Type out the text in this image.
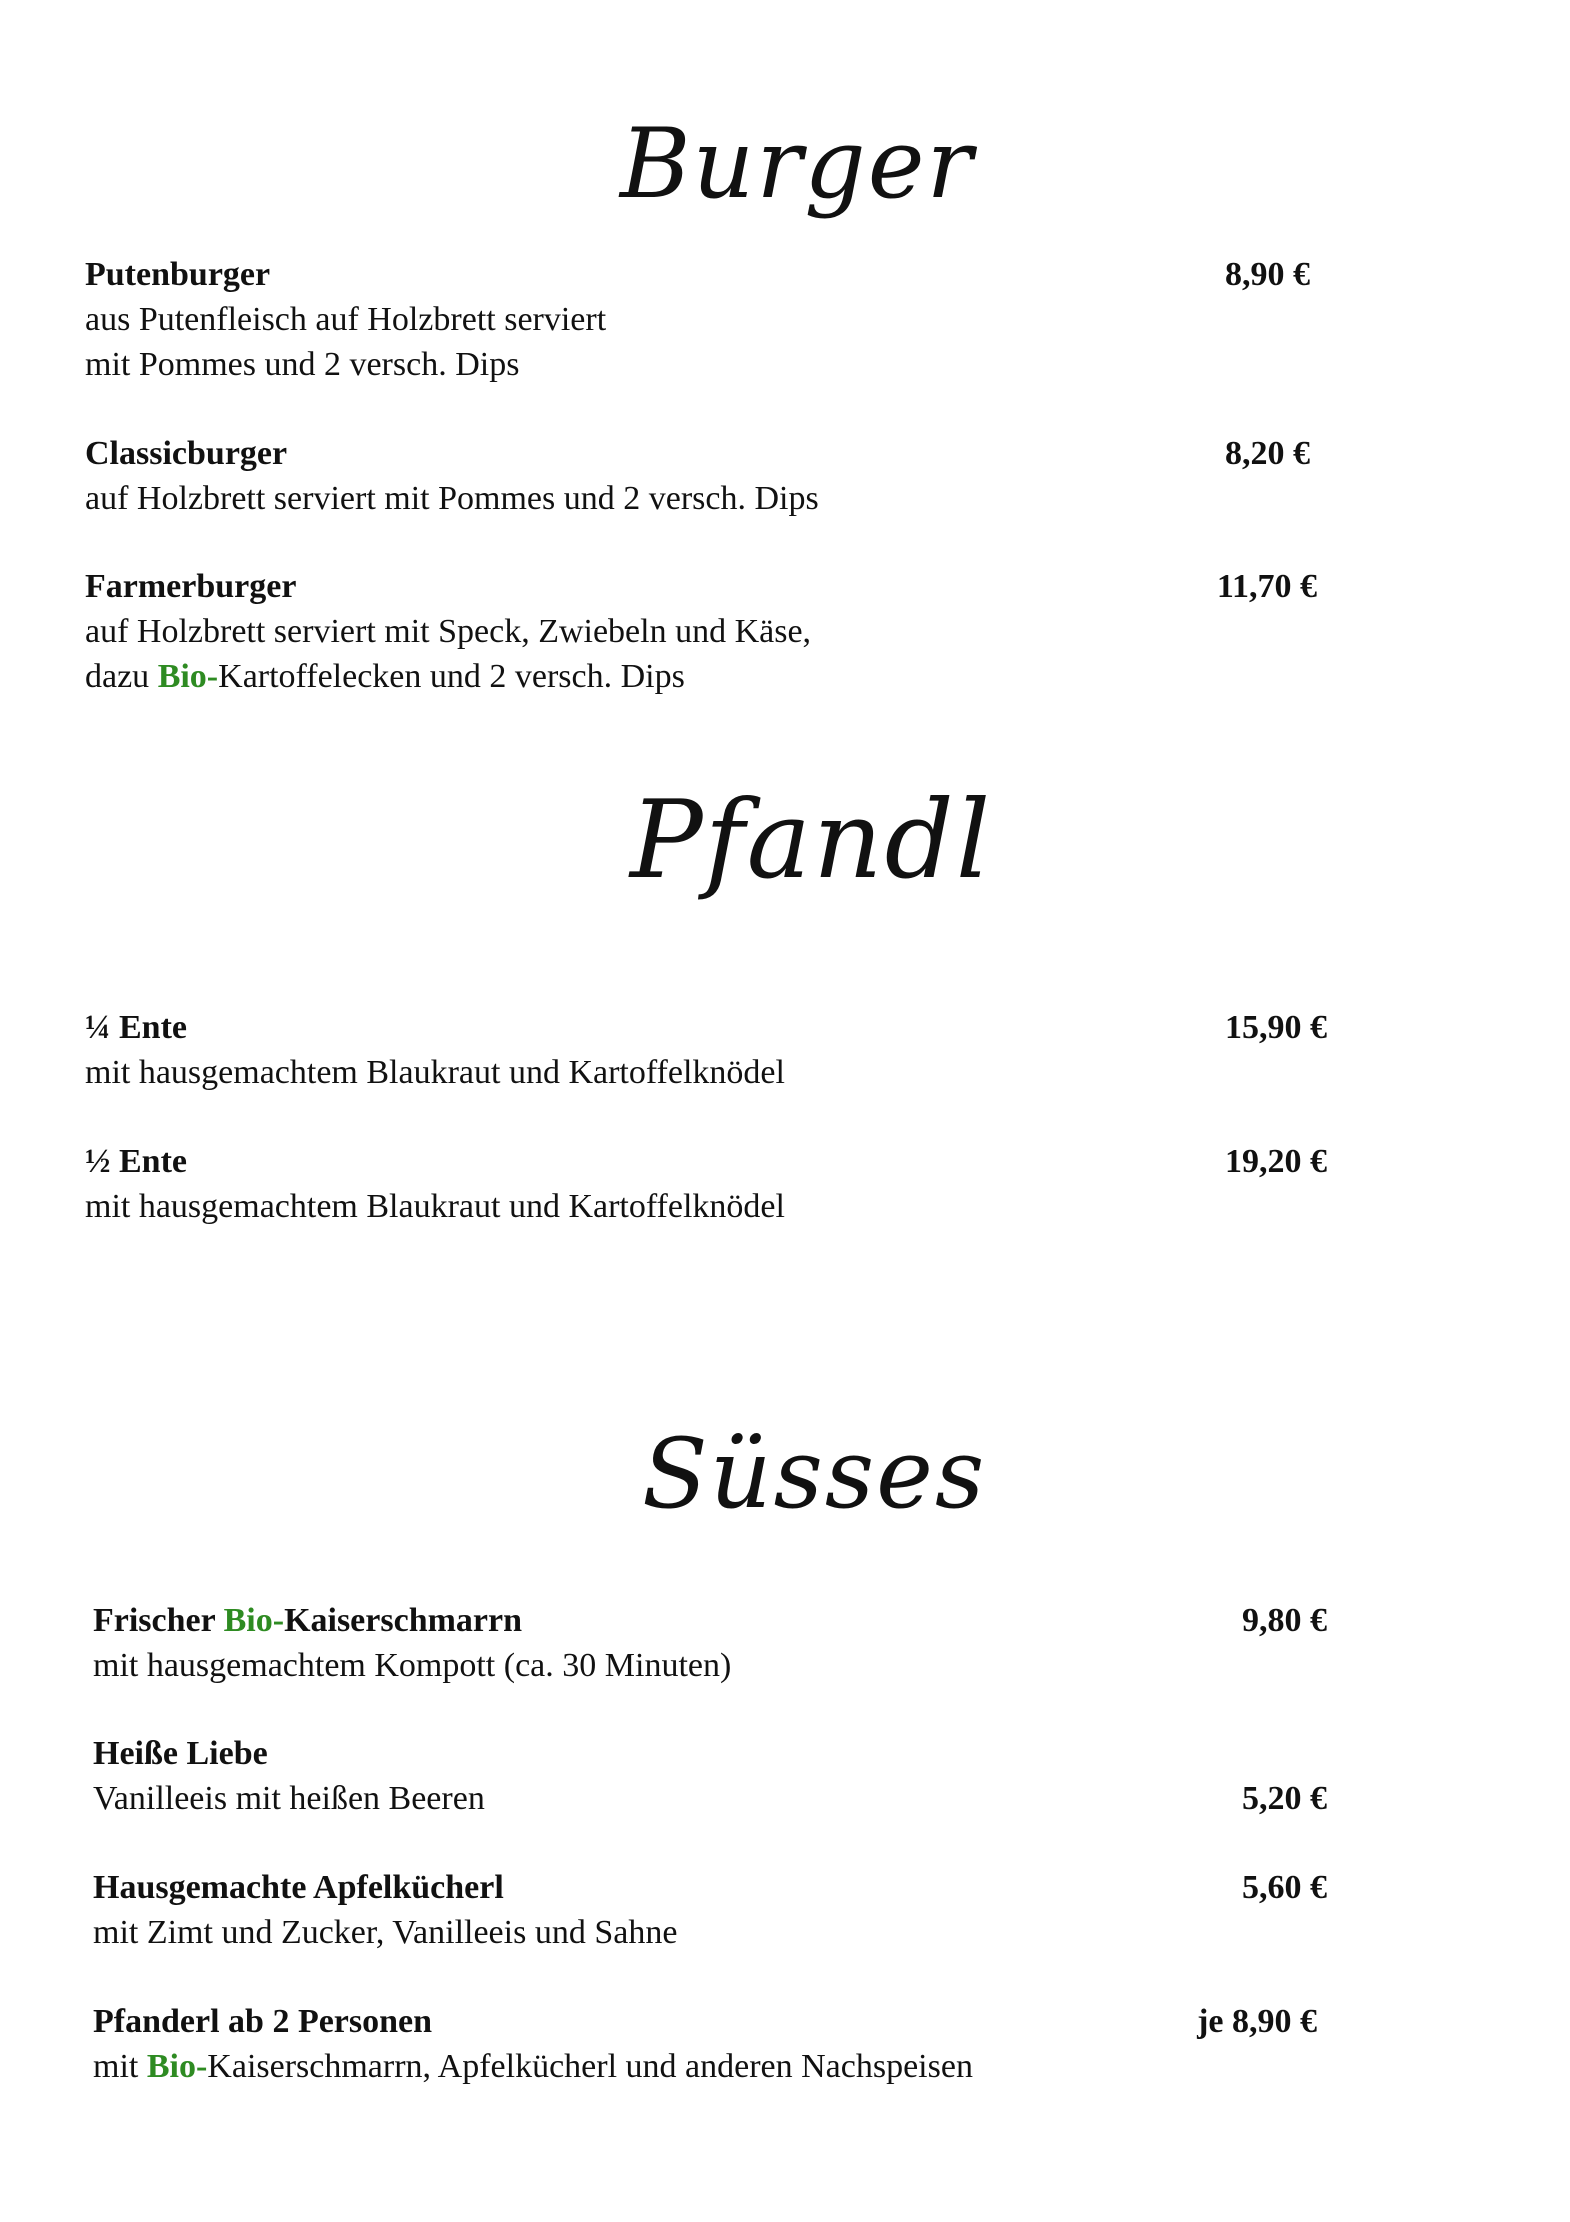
Burger
Putenburger
aus Putenfleisch auf Holzbrett serviert
mit Pommes und 2 versch. Dips
8,90 €
Classicburger
auf Holzbrett serviert mit Pommes und 2 versch. Dips
8,20 €
Farmerburger
auf Holzbrett serviert mit Speck, Zwiebeln und Käse,
dazu Bio-Kartoffelecken und 2 versch. Dips
11,70 €
Pfandl
¼ Ente
mit hausgemachtem Blaukraut und Kartoffelknödel
15,90 €
½ Ente
mit hausgemachtem Blaukraut und Kartoffelknödel
19,20 €
Süsses
Frischer Bio-Kaiserschmarrn
mit hausgemachtem Kompott (ca. 30 Minuten)
9,80 €
Heiße Liebe
Vanilleeis mit heißen Beeren	5,20 €
Hausgemachte Apfelkücherl
mit Zimt und Zucker, Vanilleeis und Sahne
5,60 €
Pfanderl ab 2 Personen
mit Bio-Kaiserschmarrn, Apfelkücherl und anderen Nachspeisen
je 8,90 €
